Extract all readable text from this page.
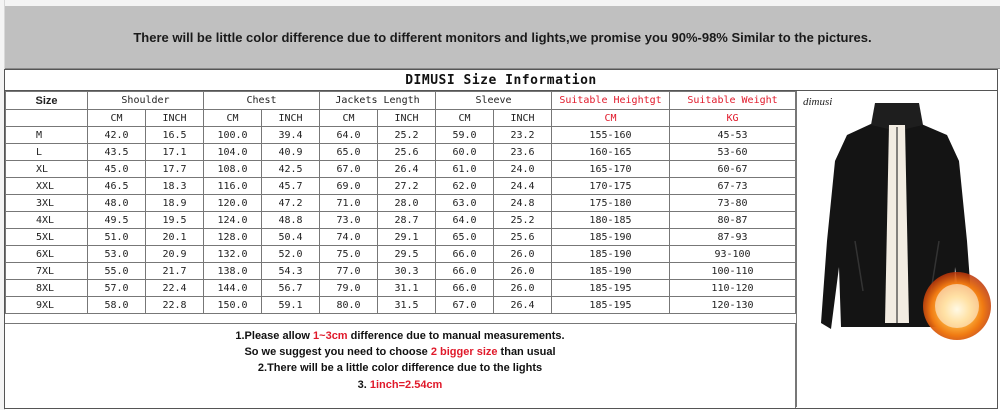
There will be little color difference due to different monitors and lights,we promise you 90%-98% Similar to the pictures.
DIMUSI Size Information
Size	Shoulder		Chest		Jackets Length		Sleeve		Suitable Heightgt	Suitable Weight
	CM	INCH	CM	INCH	CM	INCH	CM	INCH	CM	KG
M	42.0	16.5	100.0	39.4	64.0	25.2	59.0	23.2	155-160	45-53
L	43.5	17.1	104.0	40.9	65.0	25.6	60.0	23.6	160-165	53-60
XL	45.0	17.7	108.0	42.5	67.0	26.4	61.0	24.0	165-170	60-67
XXL	46.5	18.3	116.0	45.7	69.0	27.2	62.0	24.4	170-175	67-73
3XL	48.0	18.9	120.0	47.2	71.0	28.0	63.0	24.8	175-180	73-80
4XL	49.5	19.5	124.0	48.8	73.0	28.7	64.0	25.2	180-185	80-87
5XL	51.0	20.1	128.0	50.4	74.0	29.1	65.0	25.6	185-190	87-93
6XL	53.0	20.9	132.0	52.0	75.0	29.5	66.0	26.0	185-190	93-100
7XL	55.0	21.7	138.0	54.3	77.0	30.3	66.0	26.0	185-190	100-110
8XL	57.0	22.4	144.0	56.7	79.0	31.1	66.0	26.0	185-195	110-120
9XL	58.0	22.8	150.0	59.1	80.0	31.5	67.0	26.4	185-195	120-130
dimusi
1.Please allow 1~3cm difference due to manual measurements.
So we suggest you need to choose 2 bigger size than usual
2.There will be a little color difference due to the lights
3. 1inch=2.54cm
